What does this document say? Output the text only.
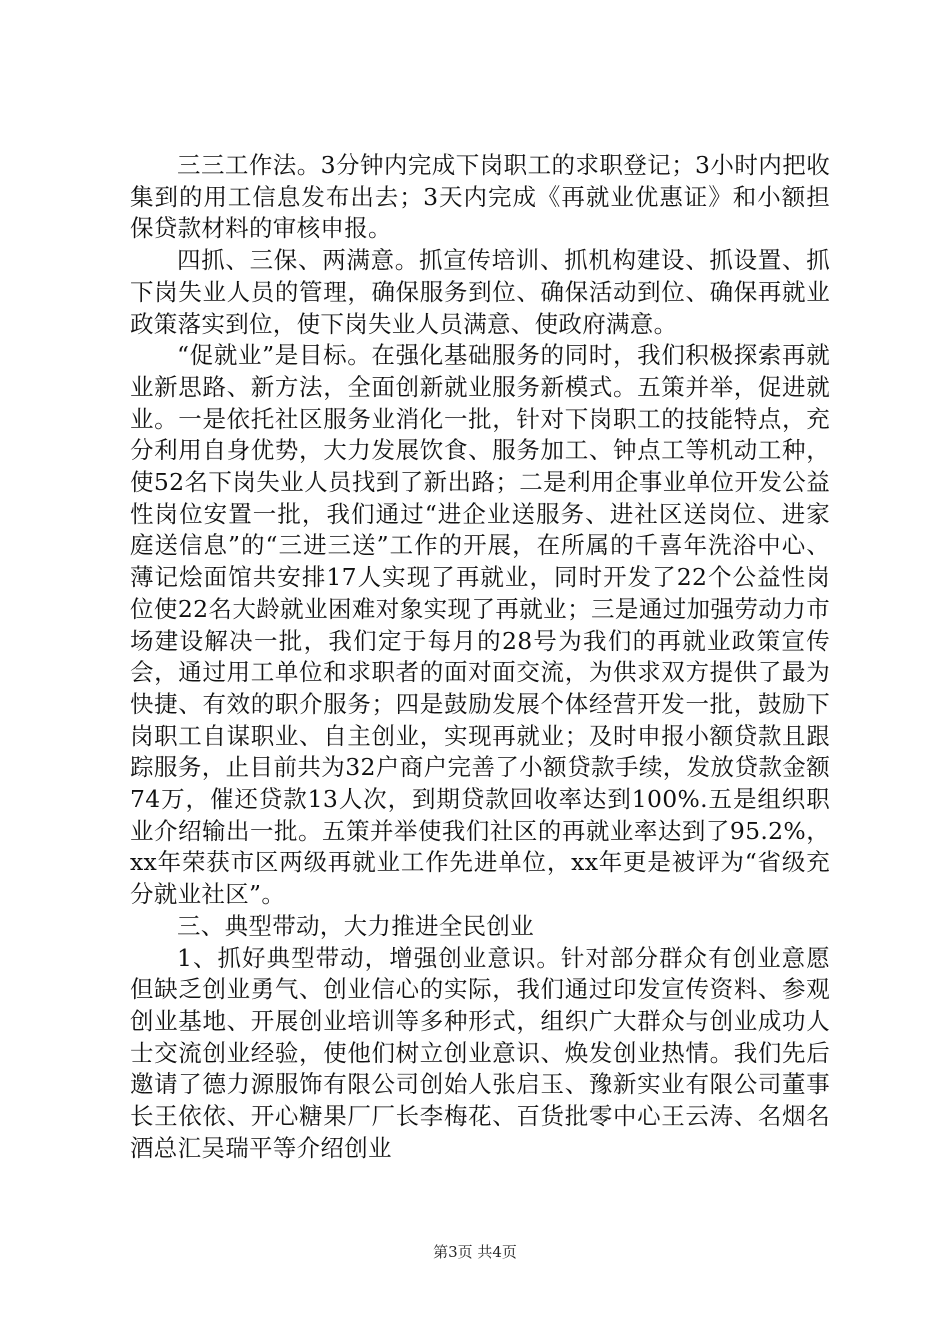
三三工作法。3分钟内完成下岗职工的求职登记；3小时内把收集到的用工信息发布出去；3天内完成《再就业优惠证》和小额担保贷款材料的审核申报。

四抓、三保、两满意。抓宣传培训、抓机构建设、抓设置、抓下岗失业人员的管理，确保服务到位、确保活动到位、确保再就业政策落实到位，使下岗失业人员满意、使政府满意。

“促就业”是目标。在强化基础服务的同时，我们积极探索再就业新思路、新方法，全面创新就业服务新模式。五策并举，促进就业。一是依托社区服务业消化一批，针对下岗职工的技能特点，充分利用自身优势，大力发展饮食、服务加工、钟点工等机动工种，使52名下岗失业人员找到了新出路；二是利用企事业单位开发公益性岗位安置一批，我们通过“进企业送服务、进社区送岗位、进家庭送信息”的“三进三送”工作的开展，在所属的千喜年洗浴中心、薄记烩面馆共安排17人实现了再就业，同时开发了22个公益性岗位使22名大龄就业困难对象实现了再就业；三是通过加强劳动力市场建设解决一批，我们定于每月的28号为我们的再就业政策宣传会，通过用工单位和求职者的面对面交流，为供求双方提供了最为快捷、有效的职介服务；四是鼓励发展个体经营开发一批，鼓励下岗职工自谋职业、自主创业，实现再就业；及时申报小额贷款且跟踪服务，止目前共为32户商户完善了小额贷款手续，发放贷款金额74万，催还贷款13人次，到期贷款回收率达到100%.五是组织职业介绍输出一批。五策并举使我们社区的再就业率达到了95.2%，xx年荣获市区两级再就业工作先进单位，xx年更是被评为“省级充分就业社区”。

三、典型带动，大力推进全民创业

1、抓好典型带动，增强创业意识。针对部分群众有创业意愿但缺乏创业勇气、创业信心的实际，我们通过印发宣传资料、参观创业基地、开展创业培训等多种形式，组织广大群众与创业成功人士交流创业经验，使他们树立创业意识、焕发创业热情。我们先后邀请了德力源服饰有限公司创始人张启玉、豫新实业有限公司董事长王依依、开心糖果厂厂长李梅花、百货批零中心王云涛、名烟名酒总汇吴瑞平等介绍创业

第3页 共4页
